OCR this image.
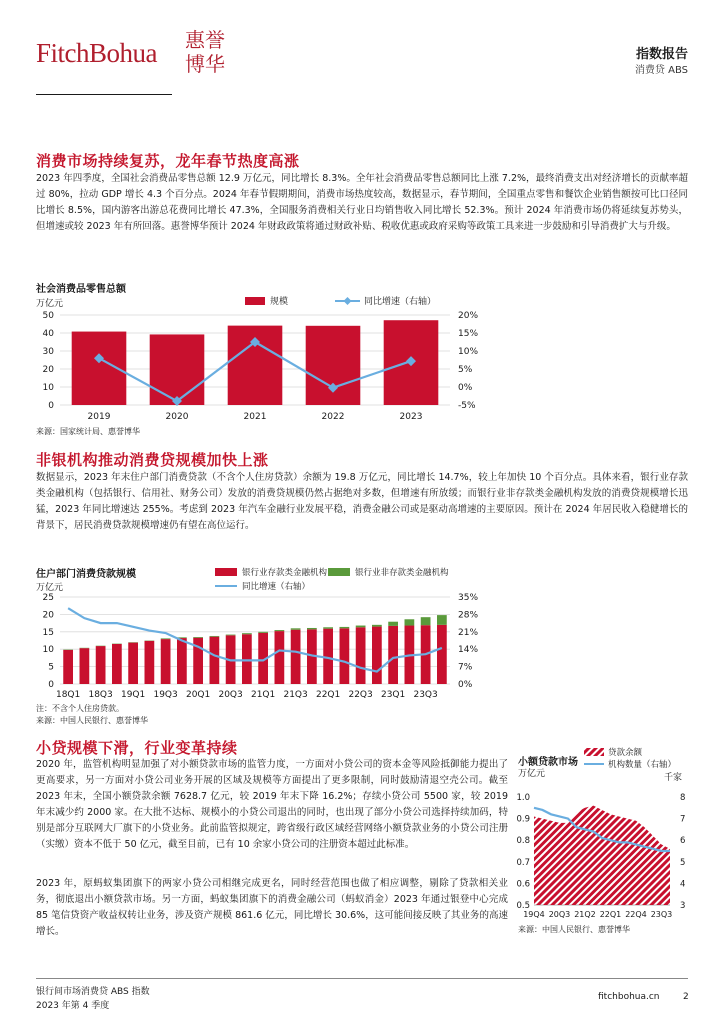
FitchBohua 惠誉
博华	指数报告
消费贷 ABS
消费市场持续复苏，龙年春节热度高涨
2023 年四季度，全国社会消费品零售总额 12.9 万亿元，同比增长 8.3%。全年社会消费品零售总额同比上涨 7.2%，最终消费支出对经济增长的贡献率超过 80%，拉动 GDP 增长 4.3 个百分点。2024 年春节假期期间，消费市场热度较高，数据显示，春节期间，全国重点零售和餐饮企业销售额按可比口径同比增长 8.5%，国内游客出游总花费同比增长 47.3%，全国服务消费相关行业日均销售收入同比增长 52.3%。预计 2024 年消费市场仍将延续复苏势头，但增速或较 2023 年有所回落。惠誉博华预计 2024 年财政政策将通过财政补贴、税收优惠或政府采购等政策工具来进一步鼓励和引导消费扩大与升级。
社会消费品零售总额
万亿元
0
10
20
30
40
50
-5%
0%
5%
10%
15%
20%
2019	2020	2021	2022	2023
规模	同比增速（右轴）
来源：国家统计局、惠誉博华
非银机构推动消费贷规模加快上涨
数据显示，2023 年末住户部门消费贷款（不含个人住房贷款）余额为 19.8 万亿元，同比增长 14.7%，较上年加快 10 个百分点。具体来看，银行业存款类金融机构（包括银行、信用社、财务公司）发放的消费贷规模仍然占据绝对多数，但增速有所放缓；而银行业非存款类金融机构发放的消费贷规模增长迅猛，2023 年同比增速达 255%。考虑到 2023 年汽车金融行业发展平稳，消费金融公司或是驱动高增速的主要原因。预计在 2024 年居民收入稳健增长的背景下，居民消费贷款规模增速仍有望在高位运行。
住户部门消费贷款规模
万亿元
0
5
10
15
20
25
0%
7%
14%
21%
28%
35%
18Q1 18Q3 19Q1 19Q3 20Q1 20Q3 21Q1 21Q3 22Q1 22Q3 23Q1 23Q3
银行业存款类金融机构	银行业非存款类金融机构
同比增速（右轴）
注：不含个人住房贷款。
来源：中国人民银行、惠誉博华
小贷规模下滑，行业变革持续
2020 年，监管机构明显加强了对小额贷款市场的监管力度，一方面对小贷公司的资本金等风险抵御能力提出了更高要求，另一方面对小贷公司业务开展的区域及规模等方面提出了更多限制，同时鼓励清退空壳公司。截至 2023 年末，全国小额贷款余额 7628.7 亿元，较 2019 年末下降 16.2%；存续小贷公司 5500 家，较 2019 年末减少约 2000 家。在大批不达标、规模小的小贷公司退出的同时，也出现了部分小贷公司选择持续加码，特别是部分互联网大厂旗下的小贷业务。此前监管拟规定，跨省级行政区域经营网络小额贷款业务的小贷公司注册（实缴）资本不低于 50 亿元，截至目前，已有 10 余家小贷公司的注册资本超过此标准。
2023 年，原蚂蚁集团旗下的两家小贷公司相继完成更名，同时经营范围也做了相应调整，剔除了贷款相关业务，彻底退出小额贷款市场。另一方面，蚂蚁集团旗下的消费金融公司（蚂蚁消金）2023 年通过银登中心完成 85 笔信贷资产收益权转让业务，涉及资产规模 861.6 亿元，同比增长 30.6%，这可能间接反映了其业务的高速增长。
小额贷款市场
万亿元	千家
0.5
0.6
0.7
0.8
0.9
1.0
3
4
5
6
7
8
19Q4 20Q3 21Q2 22Q1 22Q4 23Q3
贷款余额
机构数量（右轴）
来源：中国人民银行、惠誉博华
银行间市场消费贷 ABS 指数
2023 年第 4 季度
fitchbohua.cn	2
